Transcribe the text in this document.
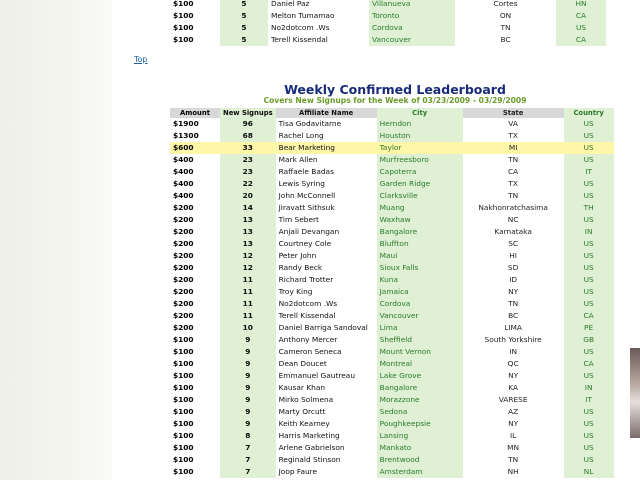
$100	5	Daniel Paz	Villanueva	Cortes	HN
$100	5	Melton Tumamao	Toronto	ON	CA
$100	5	No2dotcom .Ws	Cordova	TN	US
$100	5	Terell Kissendal	Vancouver	BC	CA
Top
Weekly Confirmed Leaderboard
Covers New Signups for the Week of 03/23/2009 - 03/29/2009
Amount	New Signups	Affiliate Name	City	State	Country
$1900	96	Tisa Godavitarne	Herndon	VA	US
$1300	68	Rachel Long	Houston	TX	US
$600	33	Bear Marketing	Taylor	MI	US
$400	23	Mark Allen	Murfreesboro	TN	US
$400	23	Raffaele Badas	Capoterra	CA	IT
$400	22	Lewis Syring	Garden Ridge	TX	US
$400	20	John McConnell	Clarksville	TN	US
$200	14	Jiravatt Sithsuk	Muang	Nakhonratchasima	TH
$200	13	Tim Sebert	Waxhaw	NC	US
$200	13	Anjali Devangan	Bangalore	Karnataka	IN
$200	13	Courtney Cole	Bluffton	SC	US
$200	12	Peter John	Maui	HI	US
$200	12	Randy Beck	Sioux Falls	SD	US
$200	11	Richard Trotter	Kuna	ID	US
$200	11	Troy King	Jamaica	NY	US
$200	11	No2dotcom .Ws	Cordova	TN	US
$200	11	Terell Kissendal	Vancouver	BC	CA
$200	10	Daniel Barriga Sandoval	Lima	LIMA	PE
$100	9	Anthony Mercer	Sheffield	South Yorkshire	GB
$100	9	Cameron Seneca	Mount Vernon	IN	US
$100	9	Dean Doucet	Montreal	QC	CA
$100	9	Emmanuel Gautreau	Lake Grove	NY	US
$100	9	Kausar Khan	Bangalore	KA	IN
$100	9	Mirko Solmena	Morazzone	VARESE	IT
$100	9	Marty Orcutt	Sedona	AZ	US
$100	9	Keith Kearney	Poughkeepsie	NY	US
$100	8	Harris Marketing	Lansing	IL	US
$100	7	Arlene Gabrielson	Mankato	MN	US
$100	7	Reginald Stinson	Brentwood	TN	US
$100	7	Joop Faure	Amsterdam	NH	NL
